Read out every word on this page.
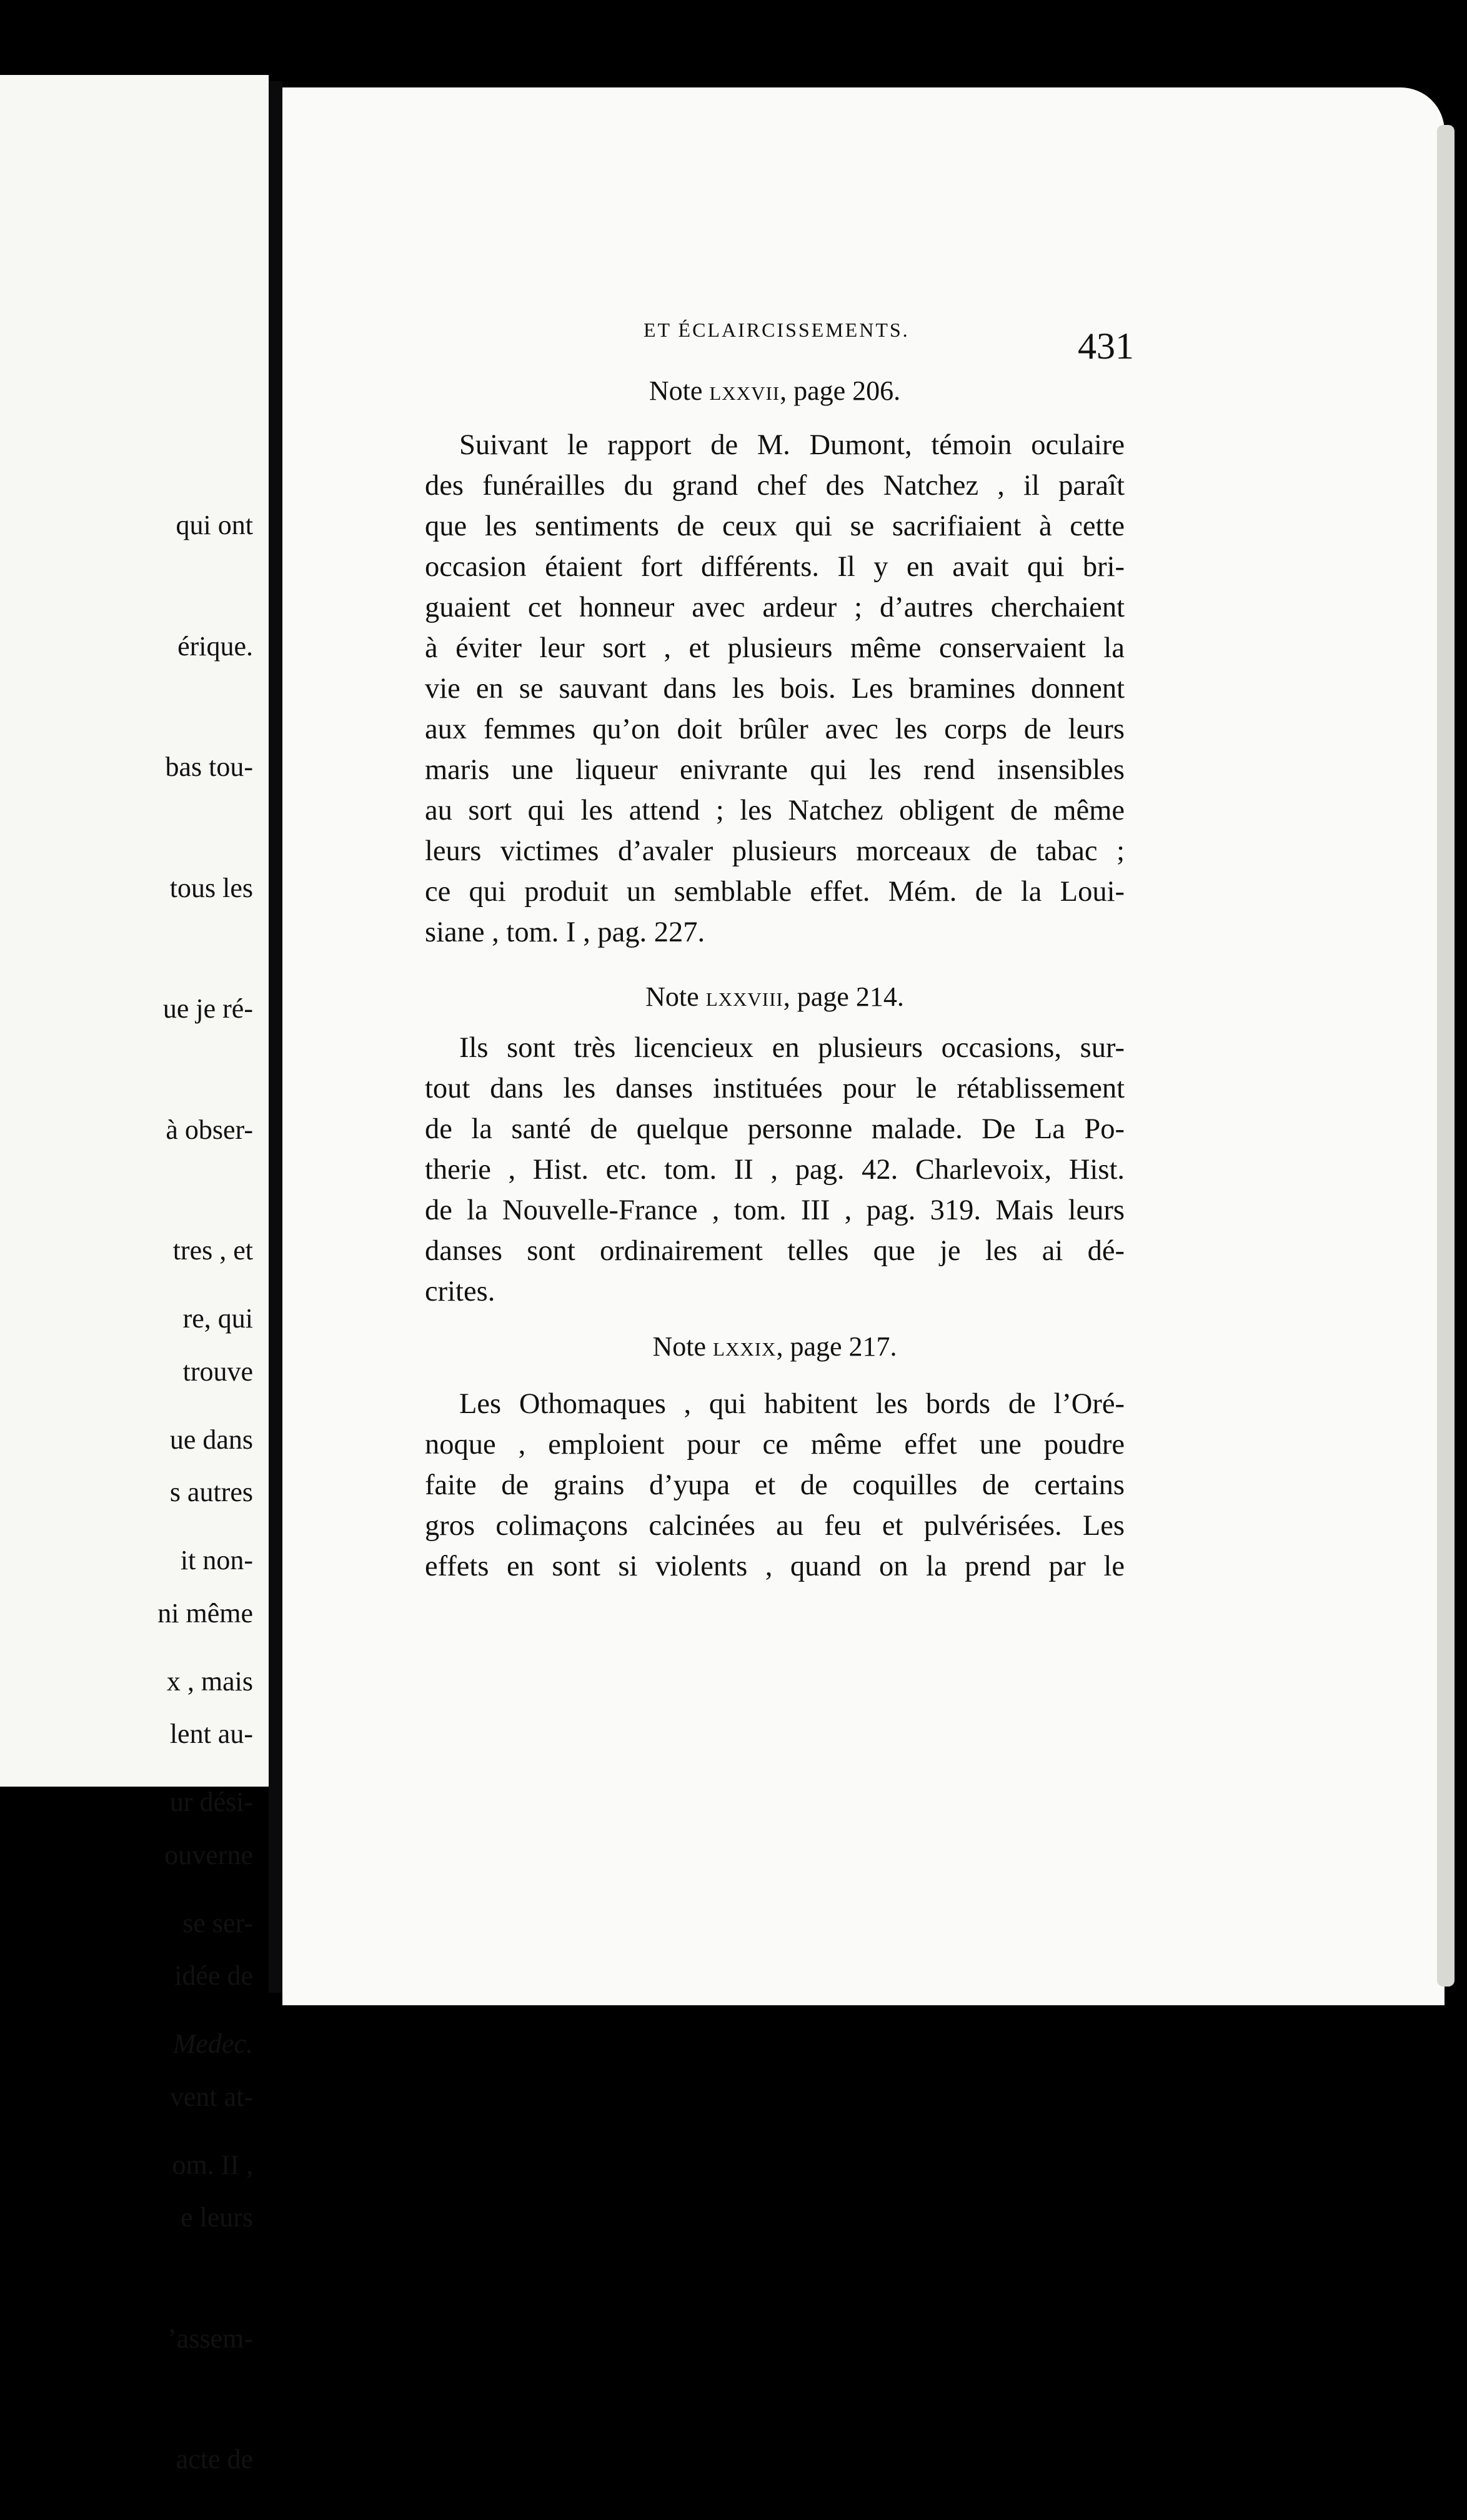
qui ont

érique.

bas tou-

tous les

ue je ré-

à obser-

tres , et

trouve

s autres

ni même

lent au-

ouverne

idée de

vent at-

e leurs

’assem-

acte de

re, qui

ue dans

it non-

x , mais

ur dési-

se ser-

Medec.

om. II ,

ET ÉCLAIRCISSEMENTS.	431
Note lxxvii, page 206.
Suivant le rapport de M. Dumont, témoin oculaire
des funérailles du grand chef des Natchez , il paraît
que les sentiments de ceux qui se sacrifiaient à cette
occasion étaient fort différents. Il y en avait qui bri-
guaient cet honneur avec ardeur ; d’autres cherchaient
à éviter leur sort , et plusieurs même conservaient la
vie en se sauvant dans les bois. Les bramines donnent
aux femmes qu’on doit brûler avec les corps de leurs
maris une liqueur enivrante qui les rend insensibles
au sort qui les attend ; les Natchez obligent de même
leurs victimes d’avaler plusieurs morceaux de tabac ;
ce qui produit un semblable effet. Mém. de la Loui-
siane , tom. I , pag. 227.
Note lxxviii, page 214.
Ils sont très licencieux en plusieurs occasions, sur-
tout dans les danses instituées pour le rétablissement
de la santé de quelque personne malade. De La Po-
therie , Hist. etc. tom. II , pag. 42. Charlevoix, Hist.
de la Nouvelle-France , tom. III , pag. 319. Mais leurs
danses sont ordinairement telles que je les ai dé-
crites.
Note lxxix, page 217.
Les Othomaques , qui habitent les bords de l’Oré-
noque , emploient pour ce même effet une poudre
faite de grains d’yupa et de coquilles de certains
gros colimaçons calcinées au feu et pulvérisées. Les
effets en sont si violents , quand on la prend par le
